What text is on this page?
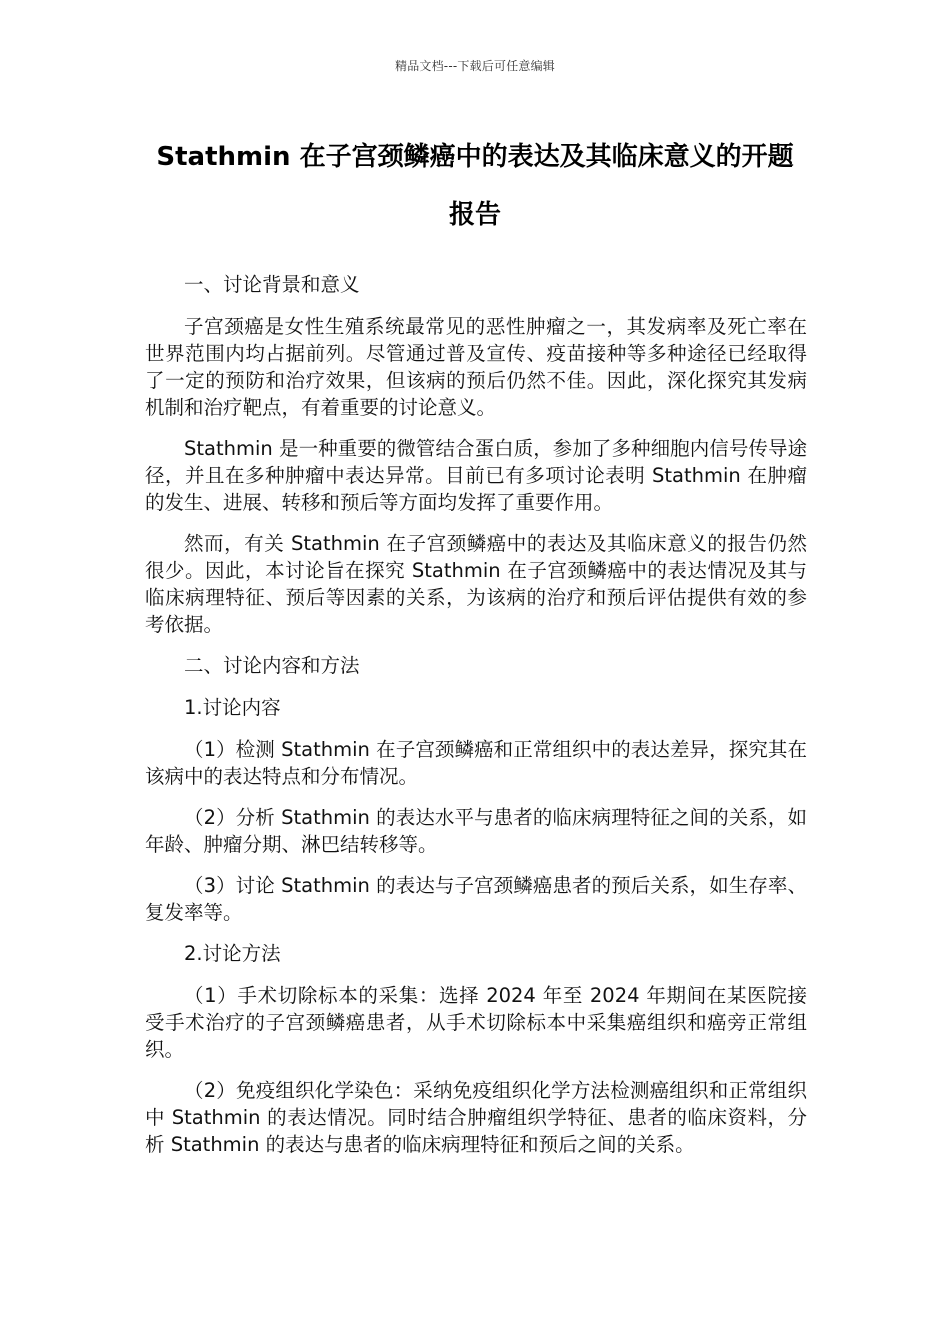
精品文档---下载后可任意编辑
Stathmin 在子宫颈鳞癌中的表达及其临床意义的开题报告

一、讨论背景和意义

子宫颈癌是女性生殖系统最常见的恶性肿瘤之一，其发病率及死亡率在世界范围内均占据前列。尽管通过普及宣传、疫苗接种等多种途径已经取得了一定的预防和治疗效果，但该病的预后仍然不佳。因此，深化探究其发病机制和治疗靶点，有着重要的讨论意义。

Stathmin 是一种重要的微管结合蛋白质，参加了多种细胞内信号传导途径，并且在多种肿瘤中表达异常。目前已有多项讨论表明 Stathmin 在肿瘤的发生、进展、转移和预后等方面均发挥了重要作用。

然而，有关 Stathmin 在子宫颈鳞癌中的表达及其临床意义的报告仍然很少。因此，本讨论旨在探究 Stathmin 在子宫颈鳞癌中的表达情况及其与临床病理特征、预后等因素的关系，为该病的治疗和预后评估提供有效的参考依据。

二、讨论内容和方法

1.讨论内容

（1）检测 Stathmin 在子宫颈鳞癌和正常组织中的表达差异，探究其在该病中的表达特点和分布情况。

（2）分析 Stathmin 的表达水平与患者的临床病理特征之间的关系，如年龄、肿瘤分期、淋巴结转移等。

（3）讨论 Stathmin 的表达与子宫颈鳞癌患者的预后关系，如生存率、复发率等。

2.讨论方法

（1）手术切除标本的采集：选择 2024 年至 2024 年期间在某医院接受手术治疗的子宫颈鳞癌患者，从手术切除标本中采集癌组织和癌旁正常组织。

（2）免疫组织化学染色：采纳免疫组织化学方法检测癌组织和正常组织中 Stathmin 的表达情况。同时结合肿瘤组织学特征、患者的临床资料，分析 Stathmin 的表达与患者的临床病理特征和预后之间的关系。
